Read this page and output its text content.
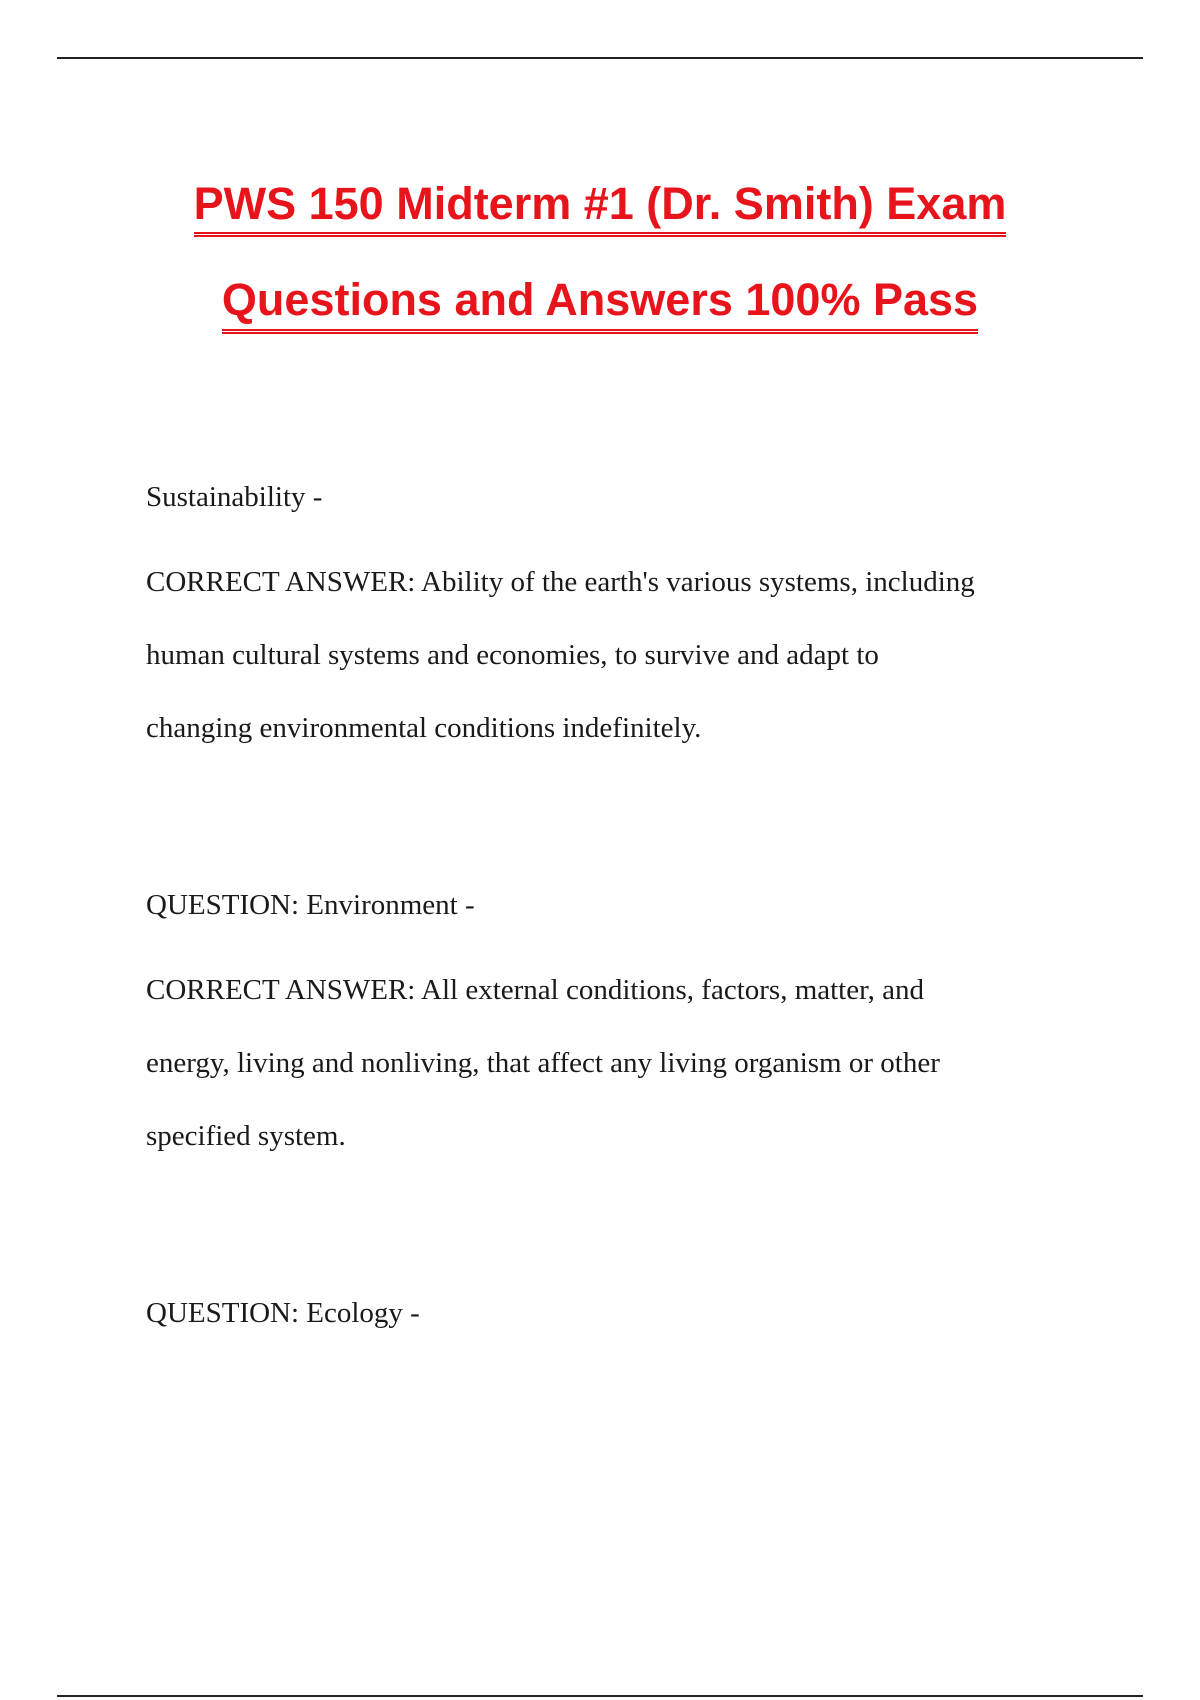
PWS 150 Midterm #1 (Dr. Smith) Exam
Questions and Answers 100% Pass
Sustainability -
CORRECT ANSWER: Ability of the earth's various systems, including
human cultural systems and economies, to survive and adapt to
changing environmental conditions indefinitely.
QUESTION: Environment -
CORRECT ANSWER: All external conditions, factors, matter, and
energy, living and nonliving, that affect any living organism or other
specified system.
QUESTION: Ecology -
